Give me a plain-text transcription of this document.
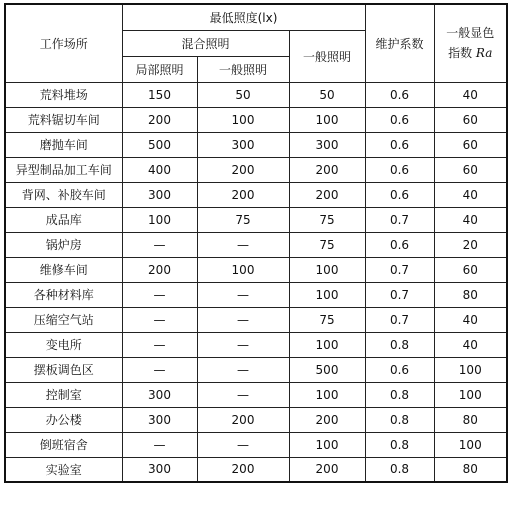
工作场所	最低照度(lx)			维护系数	一般显色
指数 Ra
	混合照明		一般照明		
	局部照明	一般照明			
荒料堆场	150	50	50	0.6	40
荒料锯切车间	200	100	100	0.6	60
磨抛车间	500	300	300	0.6	60
异型制品加工车间	400	200	200	0.6	60
背网、补胶车间	300	200	200	0.6	40
成品库	100	75	75	0.7	40
锅炉房	—	—	75	0.6	20
维修车间	200	100	100	0.7	60
各种材料库	—	—	100	0.7	80
压缩空气站	—	—	75	0.7	40
变电所	—	—	100	0.8	40
摆板调色区	—	—	500	0.6	100
控制室	300	—	100	0.8	100
办公楼	300	200	200	0.8	80
倒班宿舍	—	—	100	0.8	100
实验室	300	200	200	0.8	80
